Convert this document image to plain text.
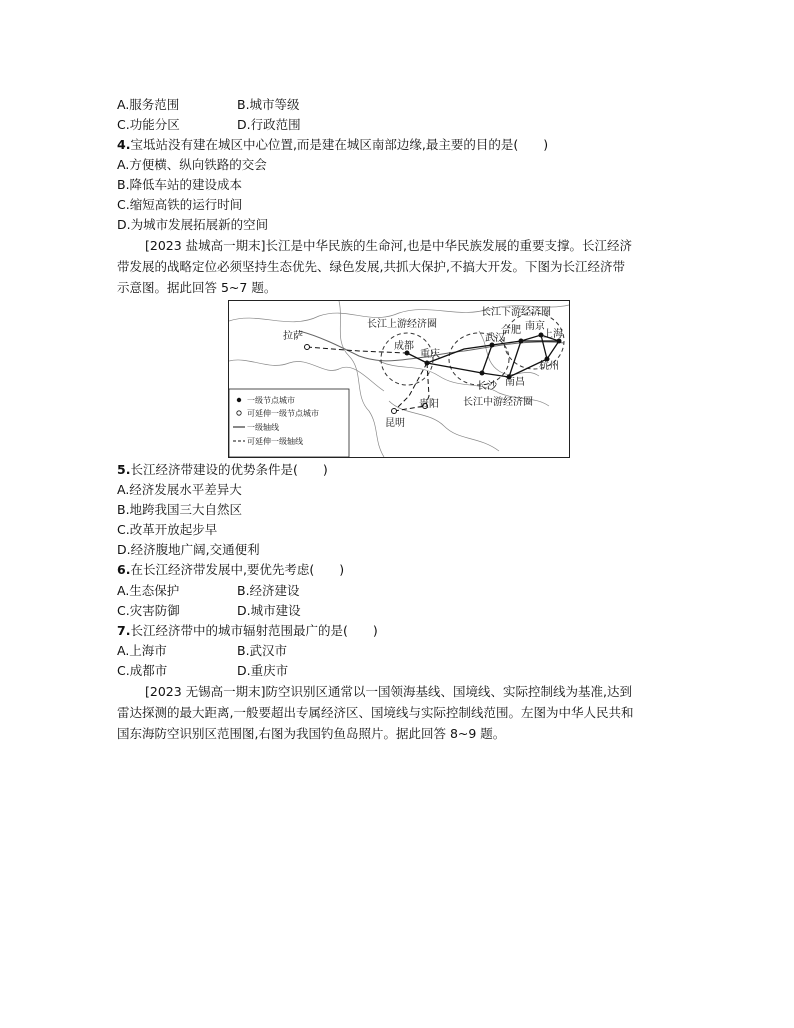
A.服务范围	B.城市等级
C.功能分区	D.行政范围
4.宝坻站没有建在城区中心位置,而是建在城区南部边缘,最主要的目的是(　　)
A.方便横、纵向铁路的交会
B.降低车站的建设成本
C.缩短高铁的运行时间
D.为城市发展拓展新的空间
[2023 盐城高一期末]长江是中华民族的生命河,也是中华民族发展的重要支撑。长江经济
带发展的战略定位必须坚持生态优先、绿色发展,共抓大保护,不搞大开发。下图为长江经济带
示意图。据此回答 5~7 题。
拉萨
长江上游经济圈
长江下游经济圈
成都
重庆
武汉
合肥 南京
上海
杭州
长沙 南昌
长江中游经济圈
贵阳
昆明
一级节点城市
可延伸一级节点城市
一级轴线
可延伸一级轴线
5.长江经济带建设的优势条件是(　　)
A.经济发展水平差异大
B.地跨我国三大自然区
C.改革开放起步早
D.经济腹地广阔,交通便利
6.在长江经济带发展中,要优先考虑(　　)
A.生态保护	B.经济建设
C.灾害防御	D.城市建设
7.长江经济带中的城市辐射范围最广的是(　　)
A.上海市	B.武汉市
C.成都市	D.重庆市
[2023 无锡高一期末]防空识别区通常以一国领海基线、国境线、实际控制线为基准,达到
雷达探测的最大距离,一般要超出专属经济区、国境线与实际控制线范围。左图为中华人民共和
国东海防空识别区范围图,右图为我国钓鱼岛照片。据此回答 8~9 题。
